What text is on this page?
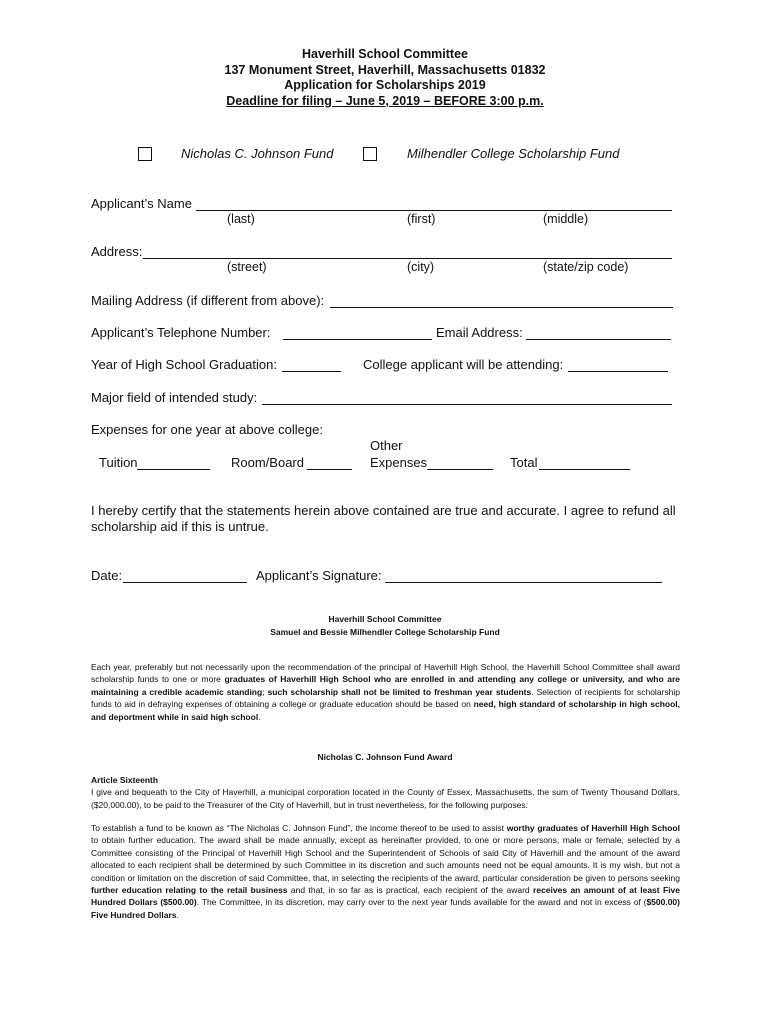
Haverhill School Committee
137 Monument Street, Haverhill, Massachusetts 01832
Application for Scholarships 2019
Deadline for filing – June 5, 2019 – BEFORE 3:00 p.m.
Nicholas C. Johnson Fund	Milhendler College Scholarship Fund
Applicant’s Name
(last)	(first)	(middle)
Address:
(street)	(city)	(state/zip code)
Mailing Address (if different from above):
Applicant’s Telephone Number:	Email Address:
Year of High School Graduation:	College applicant will be attending:
Major field of intended study:
Expenses for one year at above college:
Other
Tuition	Room/Board	Expenses	Total
I hereby certify that the statements herein above contained are true and accurate. I agree to refund all scholarship aid if this is untrue.
Date:	Applicant’s Signature:
Haverhill School Committee
Samuel and Bessie Milhendler College Scholarship Fund
Each year, preferably but not necessarily upon the recommendation of the principal of Haverhill High School, the Haverhill School Committee shall award scholarship funds to one or more graduates of Haverhill High School who are enrolled in and attending any college or university, and who are maintaining a credible academic standing; such scholarship shall not be limited to freshman year students. Selection of recipients for scholarship funds to aid in defraying expenses of obtaining a college or graduate education should be based on need, high standard of scholarship in high school, and deportment while in said high school.
Nicholas C. Johnson Fund Award
Article Sixteenth
I give and bequeath to the City of Haverhill, a municipal corporation located in the County of Essex, Massachusetts, the sum of Twenty Thousand Dollars, ($20,000.00), to be paid to the Treasurer of the City of Haverhill, but in trust nevertheless, for the following purposes:
To establish a fund to be known as “The Nicholas C. Johnson Fund”, the income thereof to be used to assist worthy graduates of Haverhill High School to obtain further education. The award shall be made annually, except as hereinafter provided, to one or more persons, male or female, selected by a Committee consisting of the Principal of Haverhill High School and the Superintendent of Schools of said City of Haverhill and the amount of the award allocated to each recipient shall be determined by such Committee in its discretion and such amounts need not be equal amounts. It is my wish, but not a condition or limitation on the discretion of said Committee, that, in selecting the recipients of the award, particular consideration be given to persons seeking further education relating to the retail business and that, in so far as is practical, each recipient of the award receives an amount of at least Five Hundred Dollars ($500.00). The Committee, in its discretion, may carry over to the next year funds available for the award and not in excess of ($500.00) Five Hundred Dollars.
